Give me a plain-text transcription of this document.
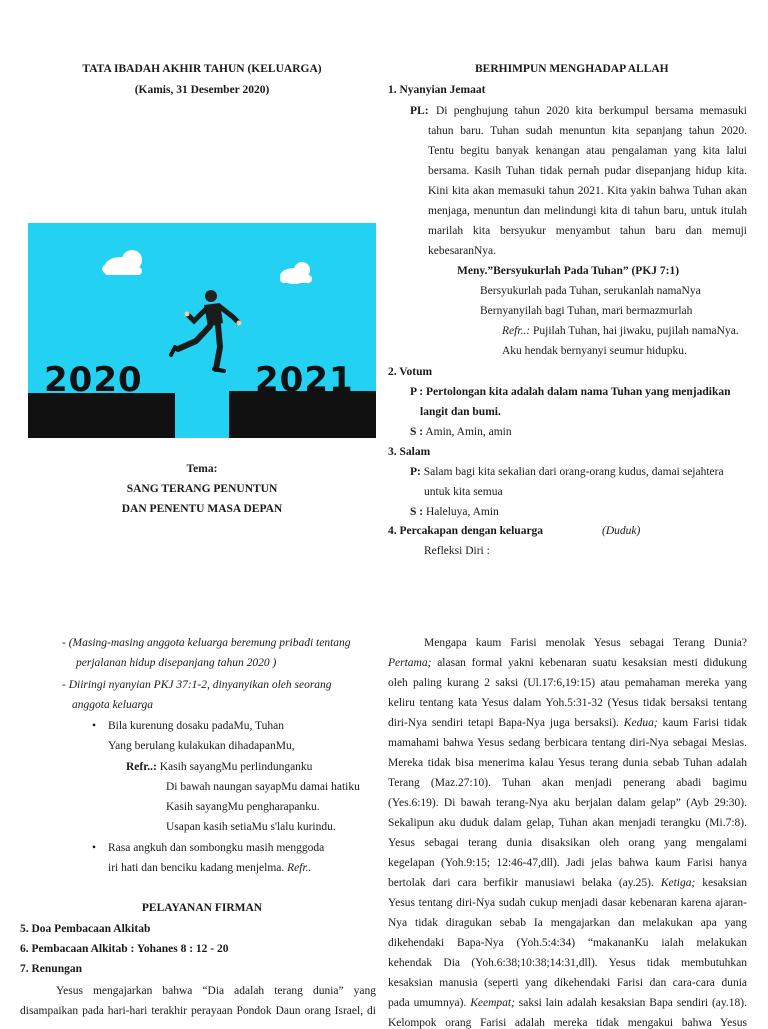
TATA IBADAH AKHIR TAHUN (KELUARGA)
(Kamis, 31 Desember 2020)
2020	2021
Tema:
SANG TERANG PENUNTUN
DAN PENENTU MASA DEPAN
BERHIMPUN MENGHADAP ALLAH
1. Nyanyian Jemaat
PL: Di penghujung tahun 2020 kita berkumpul bersama memasuki
tahun baru. Tuhan sudah menuntun kita sepanjang tahun 2020.
Tentu begitu banyak kenangan atau pengalaman yang kita lalui
bersama. Kasih Tuhan tidak pernah pudar disepanjang hidup kita.
Kini kita akan memasuki tahun 2021. Kita yakin bahwa Tuhan akan
menjaga, menuntun dan melindungi kita di tahun baru, untuk itulah
marilah kita bersyukur menyambut tahun baru dan memuji
kebesaranNya.
Meny.”Bersyukurlah Pada Tuhan” (PKJ 7:1)
Bersyukurlah pada Tuhan, serukanlah namaNya
Bernyanyilah bagi Tuhan, mari bermazmurlah
Refr..: Pujilah Tuhan, hai jiwaku, pujilah namaNya.
Aku hendak bernyanyi seumur hidupku.
2. Votum
P : Pertolongan kita adalah dalam nama Tuhan yang menjadikan
langit dan bumi.
S : Amin, Amin, amin
3. Salam
P: Salam bagi kita sekalian dari orang-orang kudus, damai sejahtera
untuk kita semua
S : Haleluya, Amin
4. Percakapan dengan keluarga	(Duduk)
Refleksi Diri :
- (Masing-masing anggota keluarga beremung pribadi tentang
perjalanan hidup disepanjang tahun 2020 )
- Diiringi nyanyian PKJ 37:1-2, dinyanyikan oleh seorang
anggota keluarga
• Bila kurenung dosaku padaMu, Tuhan
Yang berulang kulakukan dihadapanMu,
Refr..: Kasih sayangMu perlindunganku
Di bawah naungan sayapMu damai hatiku
Kasih sayangMu pengharapanku.
Usapan kasih setiaMu s'lalu kurindu.
• Rasa angkuh dan sombongku masih menggoda
iri hati dan benciku kadang menjelma. Refr..
PELAYANAN FIRMAN
5. Doa Pembacaan Alkitab
6. Pembacaan Alkitab : Yohanes 8 : 12 - 20
7. Renungan
Yesus mengajarkan bahwa “Dia adalah terang dunia” yang
disampaikan pada hari-hari terakhir perayaan Pondok Daun orang Israel, di
Mengapa kaum Farisi menolak Yesus sebagai Terang Dunia?
Pertama; alasan formal yakni kebenaran suatu kesaksian mesti didukung
oleh paling kurang 2 saksi (Ul.17:6,19:15) atau pemahaman mereka yang
keliru tentang kata Yesus dalam Yoh.5:31-32 (Yesus tidak bersaksi tentang
diri-Nya sendiri tetapi Bapa-Nya juga bersaksi). Kedua; kaum Farisi tidak
mamahami bahwa Yesus sedang berbicara tentang diri-Nya sebagai Mesias.
Mereka tidak bisa menerima kalau Yesus terang dunia sebab Tuhan adalah
Terang (Maz.27:10). Tuhan akan menjadi penerang abadi bagimu
(Yes.6:19). Di bawah terang-Nya aku berjalan dalam gelap” (Ayb 29:30).
Sekalipun aku duduk dalam gelap, Tuhan akan menjadi terangku (Mi.7:8).
Yesus sebagai terang dunia disaksikan oleh orang yang mengalami
kegelapan (Yoh.9:15; 12:46-47,dll). Jadi jelas bahwa kaum Farisi hanya
bertolak dari cara berfikir manusiawi belaka (ay.25). Ketiga; kesaksian
Yesus tentang diri-Nya sudah cukup menjadi dasar kebenaran karena ajaran-
Nya tidak diragukan sebab Ia mengajarkan dan melakukan apa yang
dikehendaki Bapa-Nya (Yoh.5:4:34) “makananKu ialah melakukan
kehendak Dia (Yoh.6:38;10:38;14:31,dll). Yesus tidak membutuhkan
kesaksian manusia (seperti yang dikehendaki Farisi dan cara-cara dunia
pada umumnya). Keempat; saksi lain adalah kesaksian Bapa sendiri (ay.18).
Kelompok orang Farisi adalah mereka tidak mengakui bahwa Yesus
